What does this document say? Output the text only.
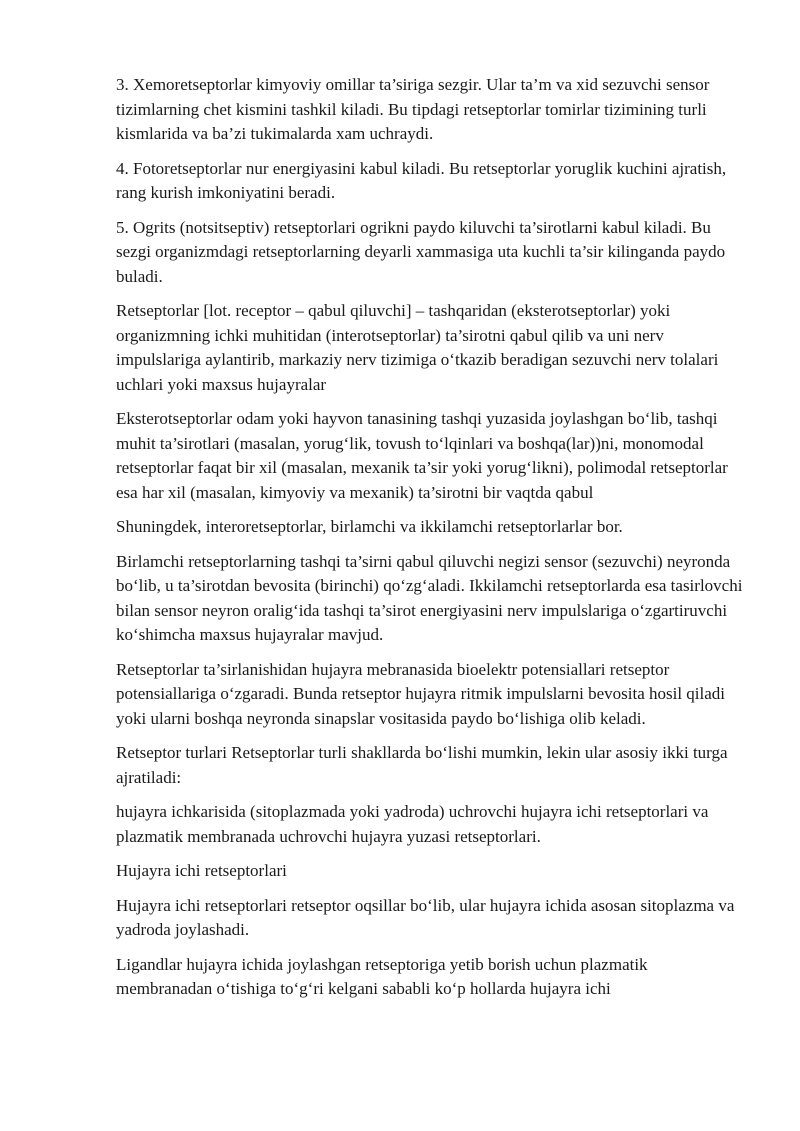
3. Xemoretseptorlar kimyoviy omillar ta’siriga sezgir. Ular ta’m va xid sezuvchi sensor tizimlarning chet kismini tashkil kiladi. Bu tipdagi retseptorlar tomirlar tizimining turli kismlarida va ba’zi tukimalarda xam uchraydi.

4. Fotoretseptorlar nur energiyasini kabul kiladi. Bu retseptorlar yoruglik kuchini ajratish, rang kurish imkoniyatini beradi.

5. Ogrits (notsitseptiv) retseptorlari ogrikni paydo kiluvchi ta’sirotlarni kabul kiladi. Bu sezgi organizmdagi retseptorlarning deyarli xammasiga uta kuchli ta’sir kilinganda paydo buladi.

Retseptorlar [lot. receptor – qabul qiluvchi] – tashqaridan (eksterotseptorlar) yoki organizmning ichki muhitidan (interotseptorlar) ta’sirotni qabul qilib va uni nerv impulslariga aylantirib, markaziy nerv tizimiga o‘tkazib beradigan sezuvchi nerv tolalari uchlari yoki maxsus hujayralar

Eksterotseptorlar odam yoki hayvon tanasining tashqi yuzasida joylashgan bo‘lib, tashqi muhit ta’sirotlari (masalan, yorug‘lik, tovush to‘lqinlari va boshqa(lar))ni, monomodal retseptorlar faqat bir xil (masalan, mexanik ta’sir yoki yorug‘likni), polimodal retseptorlar esa har xil (masalan, kimyoviy va mexanik) ta’sirotni bir vaqtda qabul

Shuningdek, interoretseptorlar, birlamchi va ikkilamchi retseptorlarlar bor.

Birlamchi retseptorlarning tashqi ta’sirni qabul qiluvchi negizi sensor (sezuvchi) neyronda bo‘lib, u ta’sirotdan bevosita (birinchi) qo‘zg‘aladi. Ikkilamchi retseptorlarda esa tasirlovchi bilan sensor neyron oralig‘ida tashqi ta’sirot energiyasini nerv impulslariga o‘zgartiruvchi ko‘shimcha maxsus hujayralar mavjud.

Retseptorlar ta’sirlanishidan hujayra mebranasida bioelektr potensiallari retseptor potensiallariga o‘zgaradi. Bunda retseptor hujayra ritmik impulslarni bevosita hosil qiladi yoki ularni boshqa neyronda sinapslar vositasida paydo bo‘lishiga olib keladi.

Retseptor turlari Retseptorlar turli shakllarda bo‘lishi mumkin, lekin ular asosiy ikki turga ajratiladi:

hujayra ichkarisida (sitoplazmada yoki yadroda) uchrovchi hujayra ichi retseptorlari va plazmatik membranada uchrovchi hujayra yuzasi retseptorlari.

Hujayra ichi retseptorlari

Hujayra ichi retseptorlari retseptor oqsillar bo‘lib, ular hujayra ichida asosan sitoplazma va yadroda joylashadi.

Ligandlar hujayra ichida joylashgan retseptoriga yetib borish uchun plazmatik membranadan o‘tishiga to‘g‘ri kelgani sababli ko‘p hollarda hujayra ichi
